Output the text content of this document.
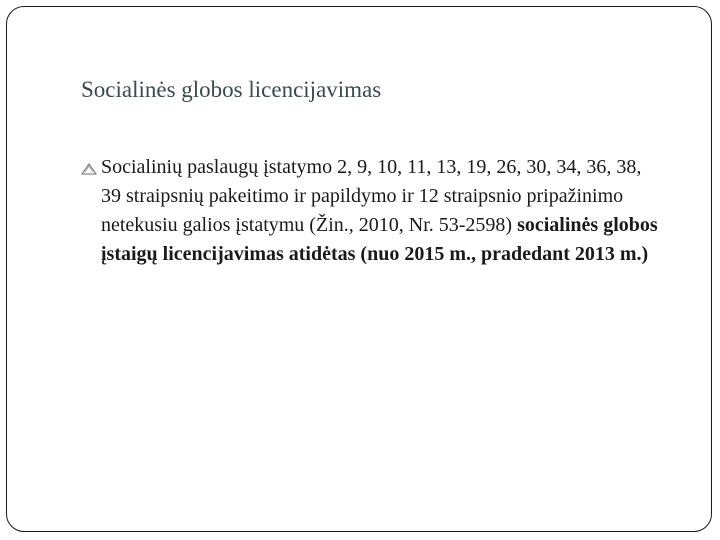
Socialinės globos licencijavimas
Socialinių paslaugų įstatymo 2, 9, 10, 11, 13, 19, 26, 30, 34, 36, 38, 39 straipsnių pakeitimo ir papildymo ir 12 straipsnio pripažinimo netekusiu galios įstatymu (Žin., 2010, Nr. 53-2598) socialinės globos įstaigų licencijavimas atidėtas (nuo 2015 m., pradedant 2013 m.)
